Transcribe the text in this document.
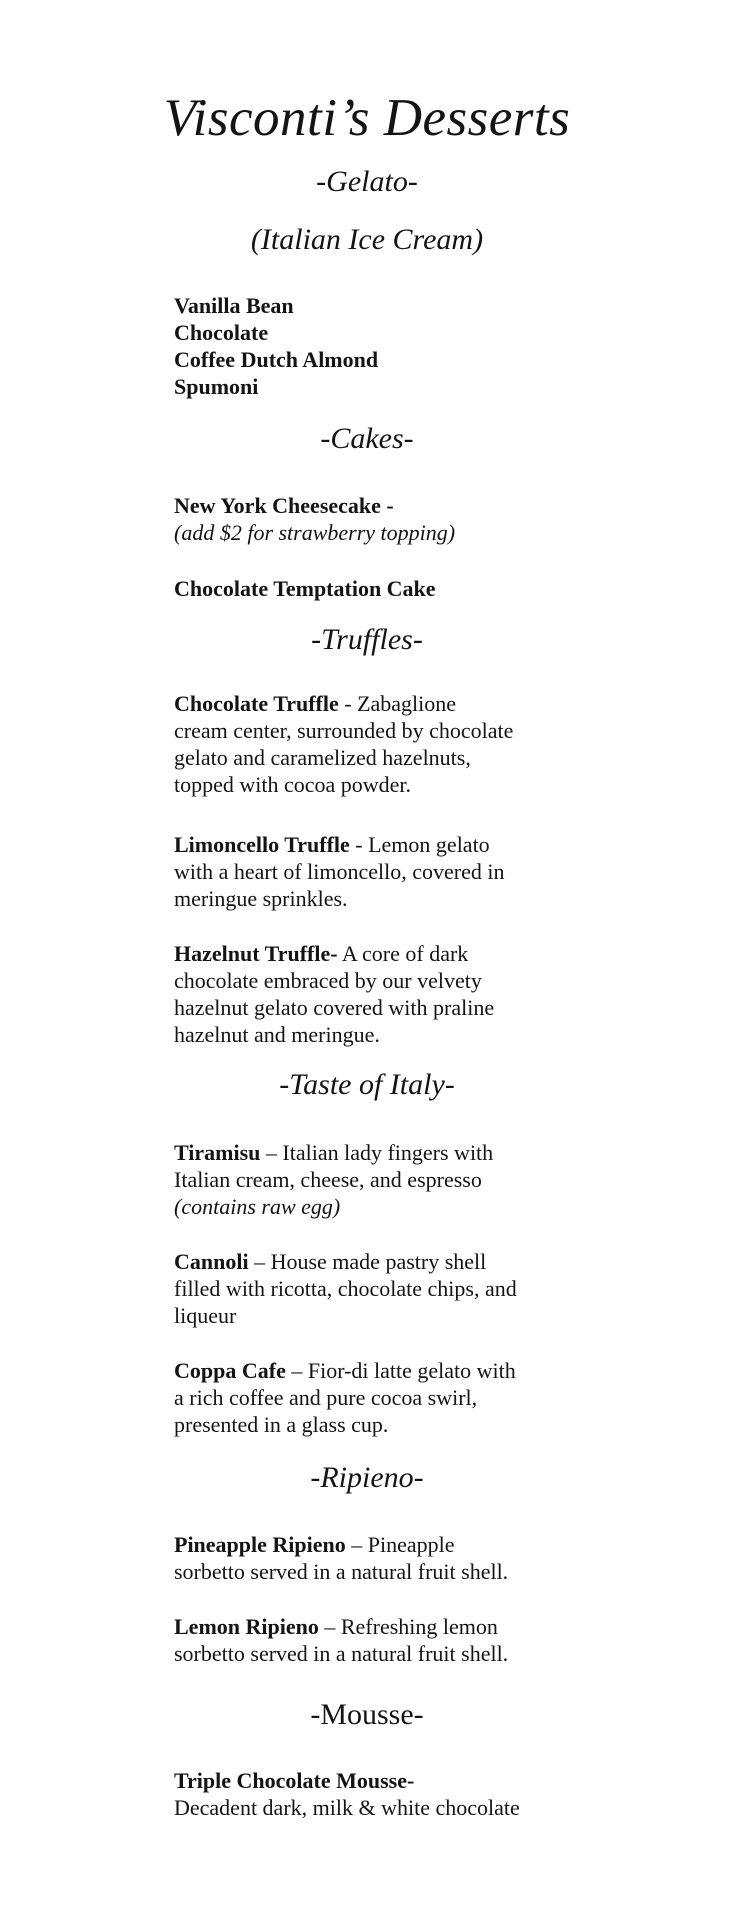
Visconti’s Desserts
-Gelato-
(Italian Ice Cream)
Vanilla Bean
Chocolate
Coffee Dutch Almond
Spumoni
-Cakes-
New York Cheesecake -
(add $2 for strawberry topping)
Chocolate Temptation Cake
-Truffles-
Chocolate Truffle - Zabaglione
cream center, surrounded by chocolate
gelato and caramelized hazelnuts,
topped with cocoa powder.
Limoncello Truffle - Lemon gelato
with a heart of limoncello, covered in
meringue sprinkles.
Hazelnut Truffle- A core of dark
chocolate embraced by our velvety
hazelnut gelato covered with praline
hazelnut and meringue.
-Taste of Italy-
Tiramisu – Italian lady fingers with
Italian cream, cheese, and espresso
(contains raw egg)
Cannoli – House made pastry shell
filled with ricotta, chocolate chips, and
liqueur
Coppa Cafe – Fior-di latte gelato with
a rich coffee and pure cocoa swirl,
presented in a glass cup.
-Ripieno-
Pineapple Ripieno – Pineapple
sorbetto served in a natural fruit shell.
Lemon Ripieno – Refreshing lemon
sorbetto served in a natural fruit shell.
-Mousse-
Triple Chocolate Mousse-
Decadent dark, milk & white chocolate
